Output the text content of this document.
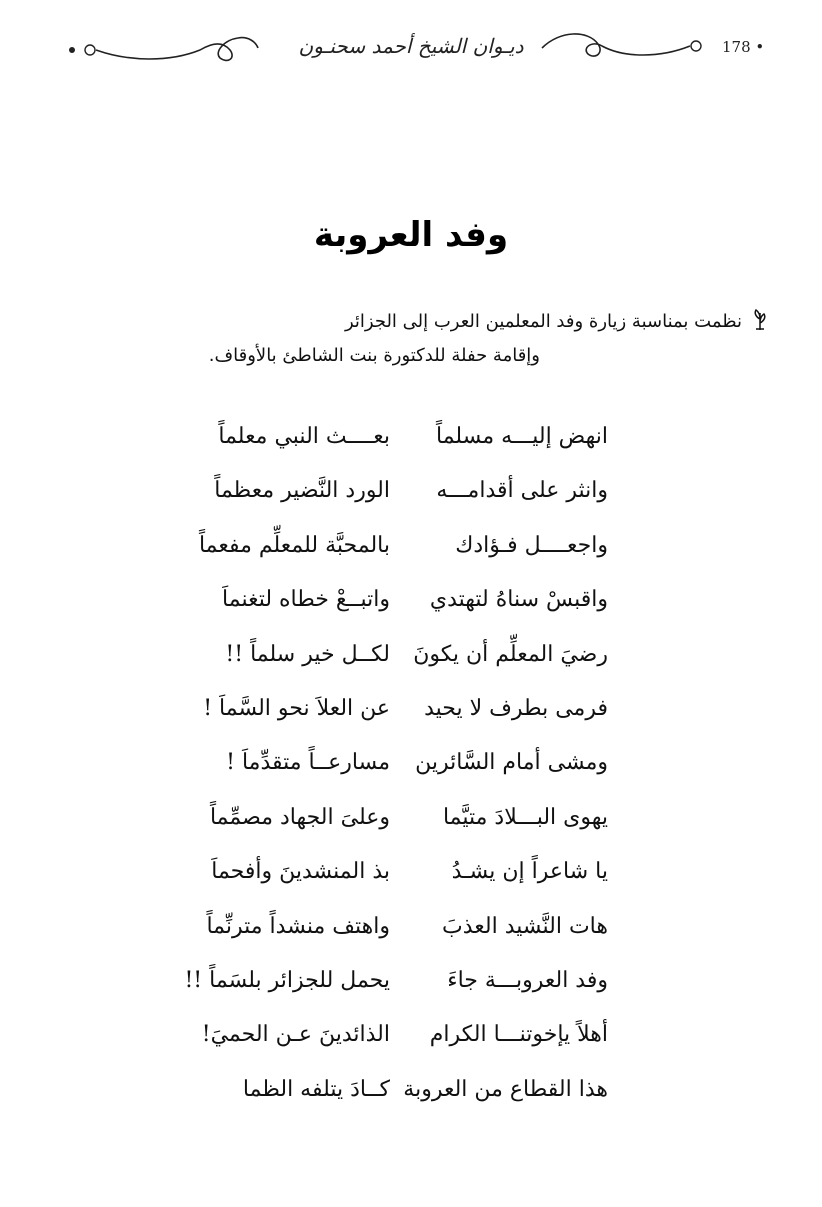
178 •
ديـوان الشيخ أحمد سحنـون
وفد العروبة
نظمت بمناسبة زيارة وفد المعلمين العرب إلى الجزائر
وإقامة حفلة للدكتورة بنت الشاطئ بالأوقاف.
انهض إليـــه مسلماً
بعــــث النبي معلماً
وانثر على أقدامـــه
الورد النَّضير معظماً
واجعــــل فـؤادك
بالمحبَّة للمعلِّم مفعماً
واقبسْ سناهُ لتهتدي
واتبــعْ خطاه لتغنماَ
رضيَ المعلِّم أن يكونَ
لكــل خير سلماً !!
فرمى بطرف لا يحيد
عن العلاَ نحو السَّماَ !
ومشى أمام السَّائرين
مسارعــاً متقدِّماَ !
يهوى البـــلادَ متيَّما
وعلىَ الجهاد مصمِّماً
يا شاعراً إن يشـدُ
بذ المنشدينَ وأفحماَ
هات النَّشيد العذبَ
واهتف منشداً مترنِّماً
وفد العروبـــة جاءَ
يحمل للجزائر بلسَماً !!
أهلاً يإخوتنـــا الكرام
الذائدينَ عـن الحميَ!
هذا القطاع من العروبة
كــادَ يتلفه الظما
